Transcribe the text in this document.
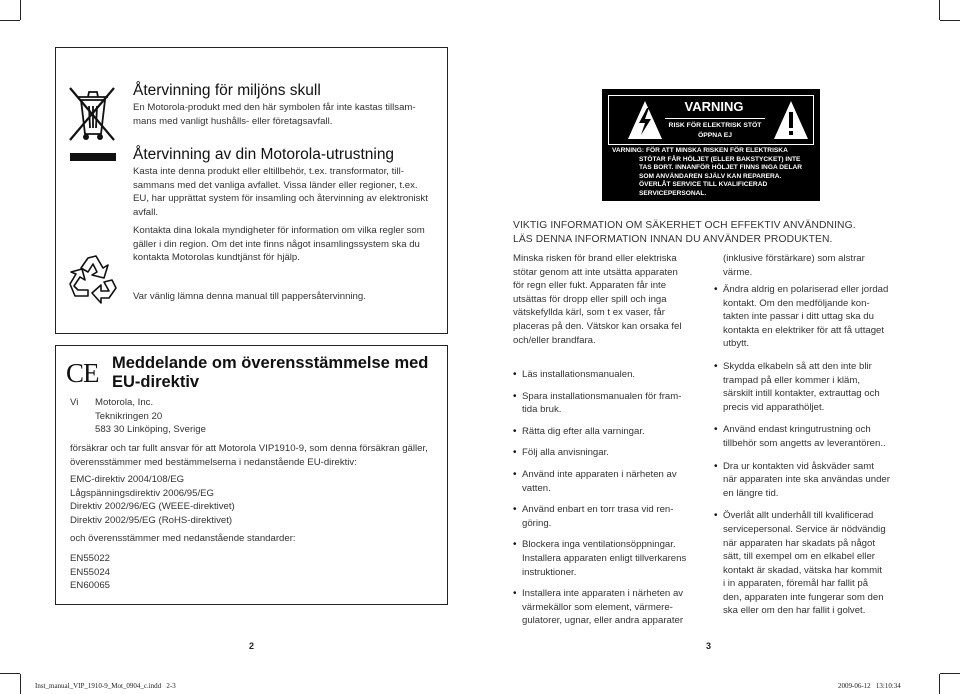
Återvinning för miljöns skull
En Motorola-produkt med den här symbolen får inte kastas tillsam-
mans med vanligt hushålls- eller företagsavfall.
Återvinning av din Motorola-utrustning
Kasta inte denna produkt eller eltillbehör, t.ex. transformator, till-
sammans med det vanliga avfallet. Vissa länder eller regioner, t.ex.
EU, har upprättat system för insamling och återvinning av elektroniskt
avfall.
Kontakta dina lokala myndigheter för information om vilka regler som
gäller i din region. Om det inte finns något insamlingssystem ska du
kontakta Motorolas kundtjänst för hjälp.
Var vänlig lämna denna manual till pappersåtervinning.
CE Meddelande om överensstämmelse med
EU-direktiv
Vi Motorola, Inc.
Teknikringen 20
583 30 Linköping, Sverige
försäkrar och tar fullt ansvar för att Motorola VIP1910-9, som denna försäkran gäller,
överensstämmer med bestämmelserna i nedanstående EU-direktiv:
EMC-direktiv 2004/108/EG
Lågspänningsdirektiv 2006/95/EG
Direktiv 2002/96/EG (WEEE-direktivet)
Direktiv 2002/95/EG (RoHS-direktivet)
och överensstämmer med nedanstående standarder:
EN55022
EN55024
EN60065
2
VARNING
RISK FÖR ELEKTRISK STÖT
ÖPPNA EJ
VARNING: FÖR ATT MINSKA RISKEN FÖR ELEKTRISKA
STÖTAR FÅR HÖLJET (ELLER BAKSTYCKET) INTE
TAS BORT. INNANFÖR HÖLJET FINNS INGA DELAR
SOM ANVÄNDAREN SJÄLV KAN REPARERA.
ÖVERLÅT SERVICE TILL KVALIFICERAD
SERVICEPERSONAL.
VIKTIG INFORMATION OM SÄKERHET OCH EFFEKTIV ANVÄNDNING.
LÄS DENNA INFORMATION INNAN DU ANVÄNDER PRODUKTEN.
Minska risken för brand eller elektriska
stötar genom att inte utsätta apparaten
för regn eller fukt. Apparaten får inte
utsättas för dropp eller spill och inga
vätskefyllda kärl, som t ex vaser, får
placeras på den. Vätskor kan orsaka fel
och/eller brandfara.
• Läs installationsmanualen.
• Spara installationsmanualen för fram-
tida bruk.
• Rätta dig efter alla varningar.
• Följ alla anvisningar.
• Använd inte apparaten i närheten av
vatten.
• Använd enbart en torr trasa vid ren-
göring.
• Blockera inga ventilationsöppningar.
Installera apparaten enligt tillverkarens
instruktioner.
• Installera inte apparaten i närheten av
värmekällor som element, värmere-
gulatorer, ugnar, eller andra apparater
(inklusive förstärkare) som alstrar
värme.
• Ändra aldrig en polariserad eller jordad
kontakt. Om den medföljande kon-
takten inte passar i ditt uttag ska du
kontakta en elektriker för att få uttaget
utbytt.
• Skydda elkabeln så att den inte blir
trampad på eller kommer i kläm,
särskilt intill kontakter, extrauttag och
precis vid apparathöljet.
• Använd endast kringutrustning och
tillbehör som angetts av leverantören..
• Dra ur kontakten vid åskväder samt
när apparaten inte ska användas under
en längre tid.
• Överlåt allt underhåll till kvalificerad
servicepersonal. Service är nödvändig
när apparaten har skadats på något
sätt, till exempel om en elkabel eller
kontakt är skadad, vätska har kommit
i in apparaten, föremål har fallit på
den, apparaten inte fungerar som den
ska eller om den har fallit i golvet.
3
Inst_manual_VIP_1910-9_Mot_0904_c.indd   2-3	2009-06-12   13:10:34
